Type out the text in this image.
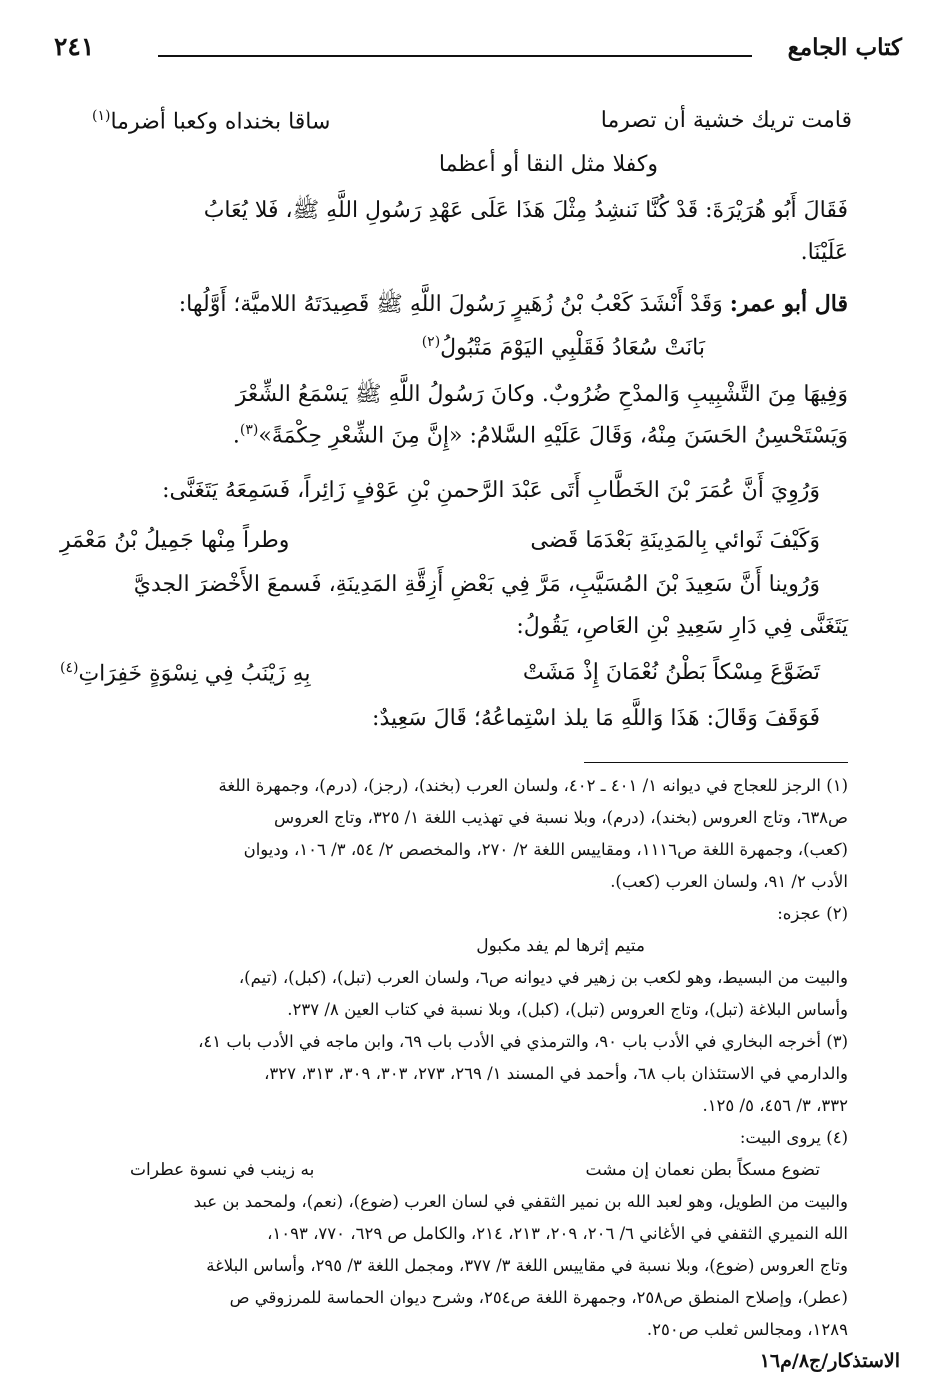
كتاب الجامع
٢٤١
قامت تريك خشية أن تصرما
ساقا بخنداه وكعبا أضرما$^{(١)}$
وكفلا مثل النقا أو أعظما
فَقَالَ أَبُو هُرَيْرَةَ: قَدْ كُنَّا نَنشِدُ مِثْلَ هَذَا عَلَى عَهْدِ رَسُولِ اللَّهِ ﷺ، فَلا يُعَابُ
عَلَيْنَا.
قال أبو عمر: وَقَدْ أَنْشَدَ كَعْبُ بْنُ زُهَيرٍ رَسُولَ اللَّهِ ﷺ قَصِيدَتَهُ اللاميَّة؛ أَوَّلُها:
بَانَتْ سُعَادُ فَقَلْبِي اليَوْمَ مَتْبُولُ$^{(٢)}$
وَفِيهَا مِنَ التَّشْبِيبِ وَالمدْحِ ضُرُوبٌ. وكانَ رَسُولُ اللَّهِ ﷺ يَسْمَعُ الشِّعْرَ
وَيَسْتَحْسِنُ الحَسَنَ مِنْهُ، وَقَالَ عَلَيْهِ السَّلامُ: «إِنَّ مِنَ الشِّعْرِ حِكْمَةً»$^{(٣)}$.
وَرُوِيَ أَنَّ عُمَرَ بْنَ الخَطَّابِ أَتَى عَبْدَ الرَّحمنِ بْنِ عَوْفٍ زَائِراً، فَسَمِعَهُ يَتَغَنَّى:
وَكَيْفَ ثَوائي بِالمَدِينَةِ بَعْدَمَا قَضى
وطراً مِنْها جَمِيلُ بْنُ مَعْمَرِ
وَرُوينا أَنَّ سَعِيدَ بْنَ المُسَيَّبِ، مَرَّ فِي بَعْضِ أَزِقَّةِ المَدِينَةِ، فَسمعَ الأَخْضرَ الجديَّ
يَتَغَنَّى فِي دَارِ سَعِيدِ بْنِ العَاصِ، يَقُولُ:
تَضَوَّعَ مِسْكاً بَطْنُ نُعْمَانَ إِذْ مَشَتْ
بِهِ زَيْنَبُ فِي نِسْوَةٍ خَفِرَاتِ$^{(٤)}$
فَوَقَفَ وَقَالَ: هَذَا وَاللَّهِ مَا يلذ اسْتِماعُهُ؛ قَالَ سَعِيدٌ:
(١) الرجز للعجاج في ديوانه ١/ ٤٠١ ـ ٤٠٢، ولسان العرب (بخند)، (رجز)، (درم)، وجمهرة اللغة
ص٦٣٨، وتاج العروس (بخند)، (درم)، وبلا نسبة في تهذيب اللغة ١/ ٣٢٥، وتاج العروس
(كعب)، وجمهرة اللغة ص١١١٦، ومقاييس اللغة ٢/ ٢٧٠، والمخصص ٢/ ٥٤، ٣/ ١٠٦، وديوان
الأدب ٢/ ٩١، ولسان العرب (كعب).
(٢) عجزه:
متيم إثرها لم يفد مكبول
والبيت من البسيط، وهو لكعب بن زهير في ديوانه ص٦، ولسان العرب (تبل)، (كبل)، (تيم)،
وأساس البلاغة (تبل)، وتاج العروس (تبل)، (كبل)، وبلا نسبة في كتاب العين ٨/ ٢٣٧.
(٣) أخرجه البخاري في الأدب باب ٩٠، والترمذي في الأدب باب ٦٩، وابن ماجه في الأدب باب ٤١،
والدارمي في الاستئذان باب ٦٨، وأحمد في المسند ١/ ٢٦٩، ٢٧٣، ٣٠٣، ٣٠٩، ٣١٣، ٣٢٧،
٣٣٢، ٣/ ٤٥٦، ٥/ ١٢٥.
(٤) يروى البيت:
تضوع مسكاً بطن نعمان إن مشت
به زينب في نسوة عطرات
والبيت من الطويل، وهو لعبد الله بن نمير الثقفي في لسان العرب (ضوع)، (نعم)، ولمحمد بن عبد
الله النميري الثقفي في الأغاني ٦/ ٢٠٦، ٢٠٩، ٢١٣، ٢١٤، والكامل ص ٦٢٩، ٧٧٠، ١٠٩٣،
وتاج العروس (ضوع)، وبلا نسبة في مقاييس اللغة ٣/ ٣٧٧، ومجمل اللغة ٣/ ٢٩٥، وأساس البلاغة
(عطر)، وإصلاح المنطق ص٢٥٨، وجمهرة اللغة ص٢٥٤، وشرح ديوان الحماسة للمرزوقي ص
١٢٨٩، ومجالس ثعلب ص٢٥٠.
الاستذكار/ج٨/م١٦
